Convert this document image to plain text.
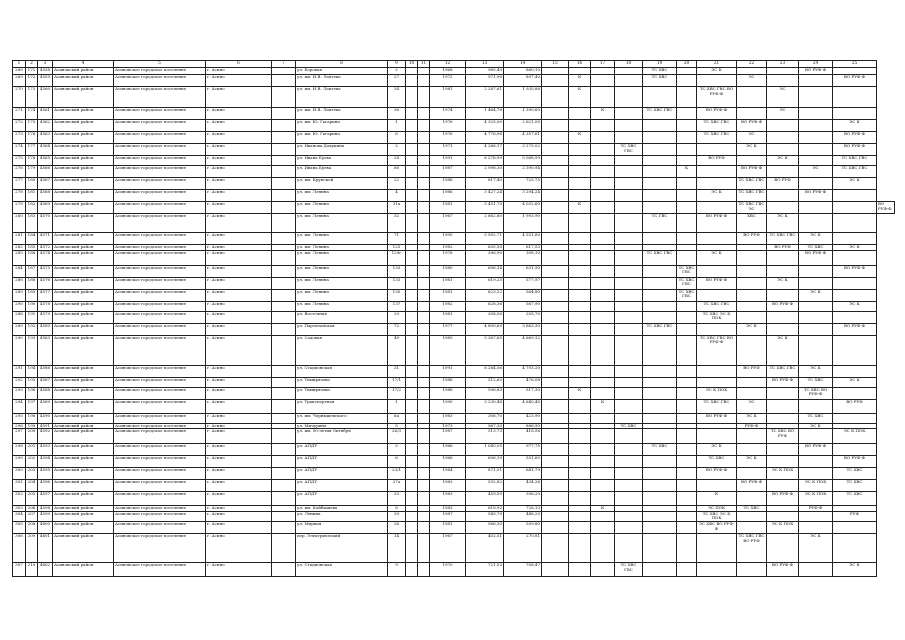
1	2	3	4	5	6	7	8	9	10	11	12	13	14	15	16	17	18	19	20	21	22	23	24	25	
268	171	4558	Асиновский район	Асиновское городское поселение	г. Асино		ул. Боровая	2			1968	985,40	860,10					ТС ХВС		ЭС К			ВО РУФ-Ф		
269	172	4559	Асиновский район	Асиновское городское поселение	г. Асино		ул. им. Н.В. Лаптева	27			1972	971,90	897,40		К			ТС ХВС			ЭС			ВО РУФ-Ф	
270	173	4560	Асиновский район	Асиновское городское поселение	г. Асино		ул. им. Н.В. Лаптева	34			1981	2 287,61	1 935,88		К					ТС ХВС ГВС ВО РУФ-Ф		ЭС			
271	174	4561	Асиновский район	Асиновское городское поселение	г. Асино		ул. им. Н.В. Лаптева	36			1974	1 464,76	1 390,60			К		ТС ХВС ГВС		ВО РУФ-Ф		ЭС			
272	175	4562	Асиновский район	Асиновское городское поселение	г. Асино		ул. им. Ю. Гагарина	1			1976	4 325,00	2 621,00							ТС ХВС ГВС	ВО РУФ-Ф			ЭС К	
273	176	4563	Асиновский район	Асиновское городское поселение	г. Асино		ул. им. Ю. Гагарина	6			1976	4 776,96	4 357,61		К					ТС ХВС ГВС	ЭС			ВО РУФ-Ф	
274	177	4564	Асиновский район	Асиновское городское поселение	г. Асино		ул. Иванова Докукина	2			1971	4 286,17	3 275,02				ТС ХВС ГВС				ЭС К			ВО РУФ-Ф	
275	178	4565	Асиновский район	Асиновское городское поселение	г. Асино		ул. Ивана Буева	28			1991	6 276,99	5 068,99							ВО РУФ		ЭС К		ТС ХВС ГВС	
276	179	4566	Асиновский район	Асиновское городское поселение	г. Асино		ул. Ивана Буева	60			1987	2 998,30	2 390,94						К		ВО РУФ-Ф		ЭС	ТС ХВС ГВС	
277	180	4567	Асиновский район	Асиновское городское поселение	г. Асино		ул. им. Крупской	22			1988	817,40	725,75								ТС ХВС ГВС	ВО РУФ		ЭС К	
278	181	4568	Асиновский район	Асиновское городское поселение	г. Асино		ул. им. Ленина	4			1986	3 427,24	3 294,24							ЭС К	ТС ХВС ГВС		ВО РУФ-Ф		
279	182	4569	Асиновский район	Асиновское городское поселение	г. Асино		ул. им. Ленина	31а			1981	5 451,75	4 032,60		К						ТС ХВС ГВС ЭС				ВО РУФ-Ф
280	183	4570	Асиновский район	Асиновское городское поселение	г. Асино		ул. им. Ленина	32			1967	2 662,80	1 993,90					ТС ГВС		ВО РУФ-Ф	ХВС	ЭС К			
281	184	4571	Асиновский район	Асиновское городское поселение	г. Асино		ул. им. Ленина	71			1995	5 992,71	4 551,60								ВО РУФ	ТС ХВС ГВС	ЭС К		
282	185	4572	Асиновский район	Асиновское городское поселение	г. Асино		ул. им. Ленина	125			1982	635,50	617,53									ВО РУФ	ТС ХВС	ЭС К	
285	186	4574	Асиновский район	Асиновское городское поселение	г. Асино		ул. им. Ленина	129г			1978	396,90	308,10					ТС ХВС ГВС		ЭС К			ВО РУФ-Ф		
284	187	4575	Асиновский район	Асиновское городское поселение	г. Асино		ул. им. Ленина	133			1980	696,14	631,90						ТС ХВС ГВС					ВО РУФ-Ф	
288	188	4576	Асиновский район	Асиновское городское поселение	г. Асино		ул. им. Ленина	133			1981	619,25	577,97						ТС ХВС ГВС	ВО РУФ-Ф		ЭС К			
289	189	4577	Асиновский район	Асиновское городское поселение	г. Асино		ул. им. Ленина	135			1981	623,22	564,80						ТС ХВС ГВС				ЭС К		
290	190	4578	Асиновский район	Асиновское городское поселение	г. Асино		ул. им. Ленина	137			1982	628,36	567,90							ТС ХВС ГВС		ВО РУФ-Ф		ЭС К	
288	191	4579	Асиновский район	Асиновское городское поселение	г. Асино		ул. Восточная	29			1981	308,56	205,70							ТС ХВС ЭС К ПОК					
289	192	4580	Асиновский район	Асиновское городское поселение	г. Асино		ул. Партизанская	72			1977	4 800,60	3 663,30					ТС ХВС ГВС			ЭС К			ВО РУФ-Ф	
290	193	4583	Асиновский район	Асиновское городское поселение	г. Асино		ул. Садовая	49			1985	5 367,65	4 669,12							ТС ХВС ГВС ВО РУФ-Ф		ЭС К			
291	194	4586	Асиновский район	Асиновское городское поселение	г. Асино		ул. Стадионская	31			1991	6 284,56	4 793,20								ВО РУФ	ТС ХВС ГВС	ЭС К		
292	195	4587	Асиновский район	Асиновское городское поселение	г. Асино		ул. Тимирязева	17/1			1988	512,63	476,08									ВО РУФ-Ф	ТС ХВС	ЭС К	
293	196	4588	Асиновский район	Асиновское городское поселение	г. Асино		ул. Тимирязева	17/2			1988	596,83	517,30		К					ЭС К ПОК			ТС ХВС ВО РУФ-Ф		
294	197	4589	Асиновский район	Асиновское городское поселение	г. Асино		ул. Транспортная	1			1990	3 230,48	4 640,40			К				ТС ХВС ГВС	ЭС			ВО РУФ	
295	198	4590	Асиновский район	Асиновское городское поселение	г. Асино		ул. им. Чернышевского	6а			1983	306,70	423,90							ВО РУФ-Ф	ЭС К		ТС ХВС		
296	199	4591	Асиновский район	Асиновское городское поселение	г. Асино		ул. Мичурина	5			1973	967,30	886,90				ТС ХВС				РУФ-Ф		ЭС К		
297	200	4592	Асиновский район	Асиновское городское поселение	г. Асино		ул. им. 50-летия Октября	26/3			1987	513,73	418,56									ТС ХВС ВО РУФ		ЭС К ПОК	
298	201	4593	Асиновский район	Асиновское городское поселение	г. Асино		ул. АПДУ	5			1966	1 040,05	977,75					ТС ХВС		ЭС К			ВО РУФ-Ф		
299	202	4594	Асиновский район	Асиновское городское поселение	г. Асино		ул. АПДУ	6			1966	606,19	551,60							ТС ХВС	ЭС К			ВО РУФ-Ф	
300	203	4595	Асиновский район	Асиновское городское поселение	г. Асино		ул. АПДУ	23/1			1984	871,51	641,79							ВО РУФ-Ф		ЭС К ПОК		ТС ХВС	
301	204	4596	Асиновский район	Асиновское городское поселение	г. Асино		ул. АПДУ	27а			1983	592,82	434,26								ВО РУФ-Ф		ЭС К ПОК	ТС ХВС	
302	205	4597	Асиновский район	Асиновское городское поселение	г. Асино		ул. АПДУ	33			1983	459,50	306,20							К		ВО РУФ-Ф	ЭС К ПОК	ТС ХВС	
303	206	4598	Асиновский район	Асиновское городское поселение	г. Асино		ул. им. Койбышева	8			1983	618,92	726,13			К				ЭС ПОК	ТС ХВС		РУФ-Ф		
304	207	4599	Асиновский район	Асиновское городское поселение	г. Асино		ул. Ленина	39			1987	549,70	448,20							ТС ХВС ЭС К ПОК				РУФ	
305	208	4600	Асиновский район	Асиновское городское поселение	г. Асино		ул. Мирная	26			1981	566,30	509,80							ЭС ХВС ВО РУФ-Ф		ЭС К ПОК			
306	209	4601	Асиновский район	Асиновское городское поселение	г. Асино		пер. Электрический	14			1967	402,51	270,81								ТС ХВС ГВС ВО РУФ		ЭС К		
307	210	4602	Асиновский район	Асиновское городское поселение	г. Асино		ул. Стадионская	9			1970	721,53	708,47				ТС ХВС ГВС					ВО РУФ-Ф		ЭС К	
